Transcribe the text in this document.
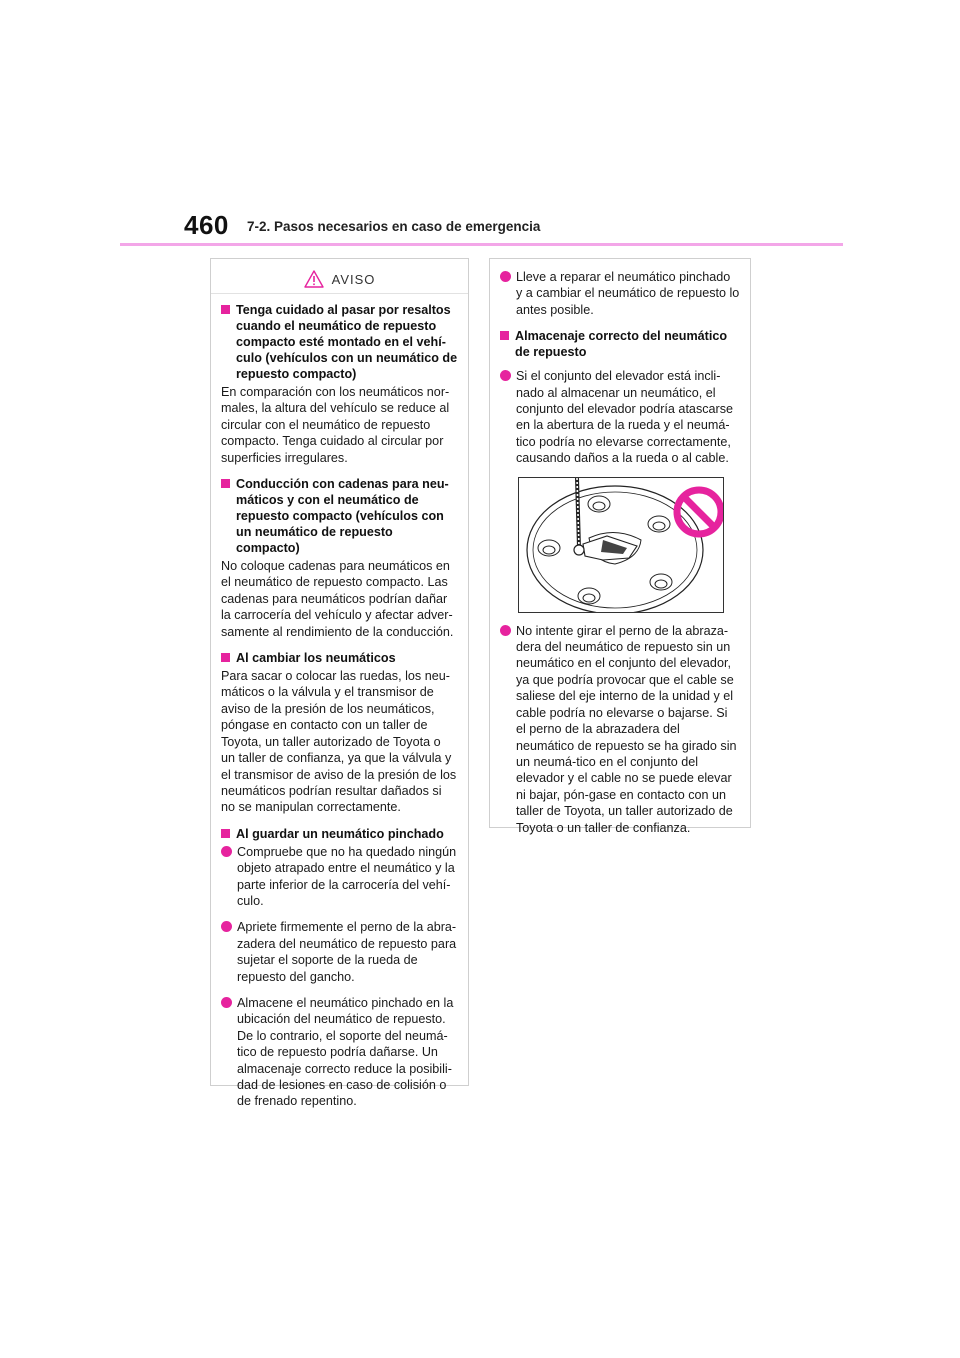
460 7-2. Pasos necesarios en caso de emergencia
AVISO
Tenga cuidado al pasar por resaltos cuando el neumático de repuesto compacto esté montado en el vehí-culo (vehículos con un neumático de repuesto compacto)
En comparación con los neumáticos nor-males, la altura del vehículo se reduce al circular con el neumático de repuesto compacto. Tenga cuidado al circular por superficies irregulares.
Conducción con cadenas para neu-máticos y con el neumático de repuesto compacto (vehículos con un neumático de repuesto compacto)
No coloque cadenas para neumáticos en el neumático de repuesto compacto. Las cadenas para neumáticos podrían dañar la carrocería del vehículo y afectar adver-samente al rendimiento de la conducción.
Al cambiar los neumáticos
Para sacar o colocar las ruedas, los neu-máticos o la válvula y el transmisor de aviso de la presión de los neumáticos, póngase en contacto con un taller de Toyota, un taller autorizado de Toyota o un taller de confianza, ya que la válvula y el transmisor de aviso de la presión de los neumáticos podrían resultar dañados si no se manipulan correctamente.
Al guardar un neumático pinchado
Compruebe que no ha quedado ningún objeto atrapado entre el neumático y la parte inferior de la carrocería del vehí-culo.
Apriete firmemente el perno de la abra-zadera del neumático de repuesto para sujetar el soporte de la rueda de repuesto del gancho.
Almacene el neumático pinchado en la ubicación del neumático de repuesto. De lo contrario, el soporte del neumá-tico de repuesto podría dañarse. Un almacenaje correcto reduce la posibili-dad de lesiones en caso de colisión o de frenado repentino.
Lleve a reparar el neumático pinchado y a cambiar el neumático de repuesto lo antes posible.
Almacenaje correcto del neumático de repuesto
Si el conjunto del elevador está incli-nado al almacenar un neumático, el conjunto del elevador podría atascarse en la abertura de la rueda y el neumá-tico podría no elevarse correctamente, causando daños a la rueda o al cable.
No intente girar el perno de la abraza-dera del neumático de repuesto sin un neumático en el conjunto del elevador, ya que podría provocar que el cable se saliese del eje interno de la unidad y el cable podría no elevarse o bajarse. Si el perno de la abrazadera del neumático de repuesto se ha girado sin un neumá-tico en el conjunto del elevador y el cable no se puede elevar ni bajar, pón-gase en contacto con un taller de Toyota, un taller autorizado de Toyota o un taller de confianza.
